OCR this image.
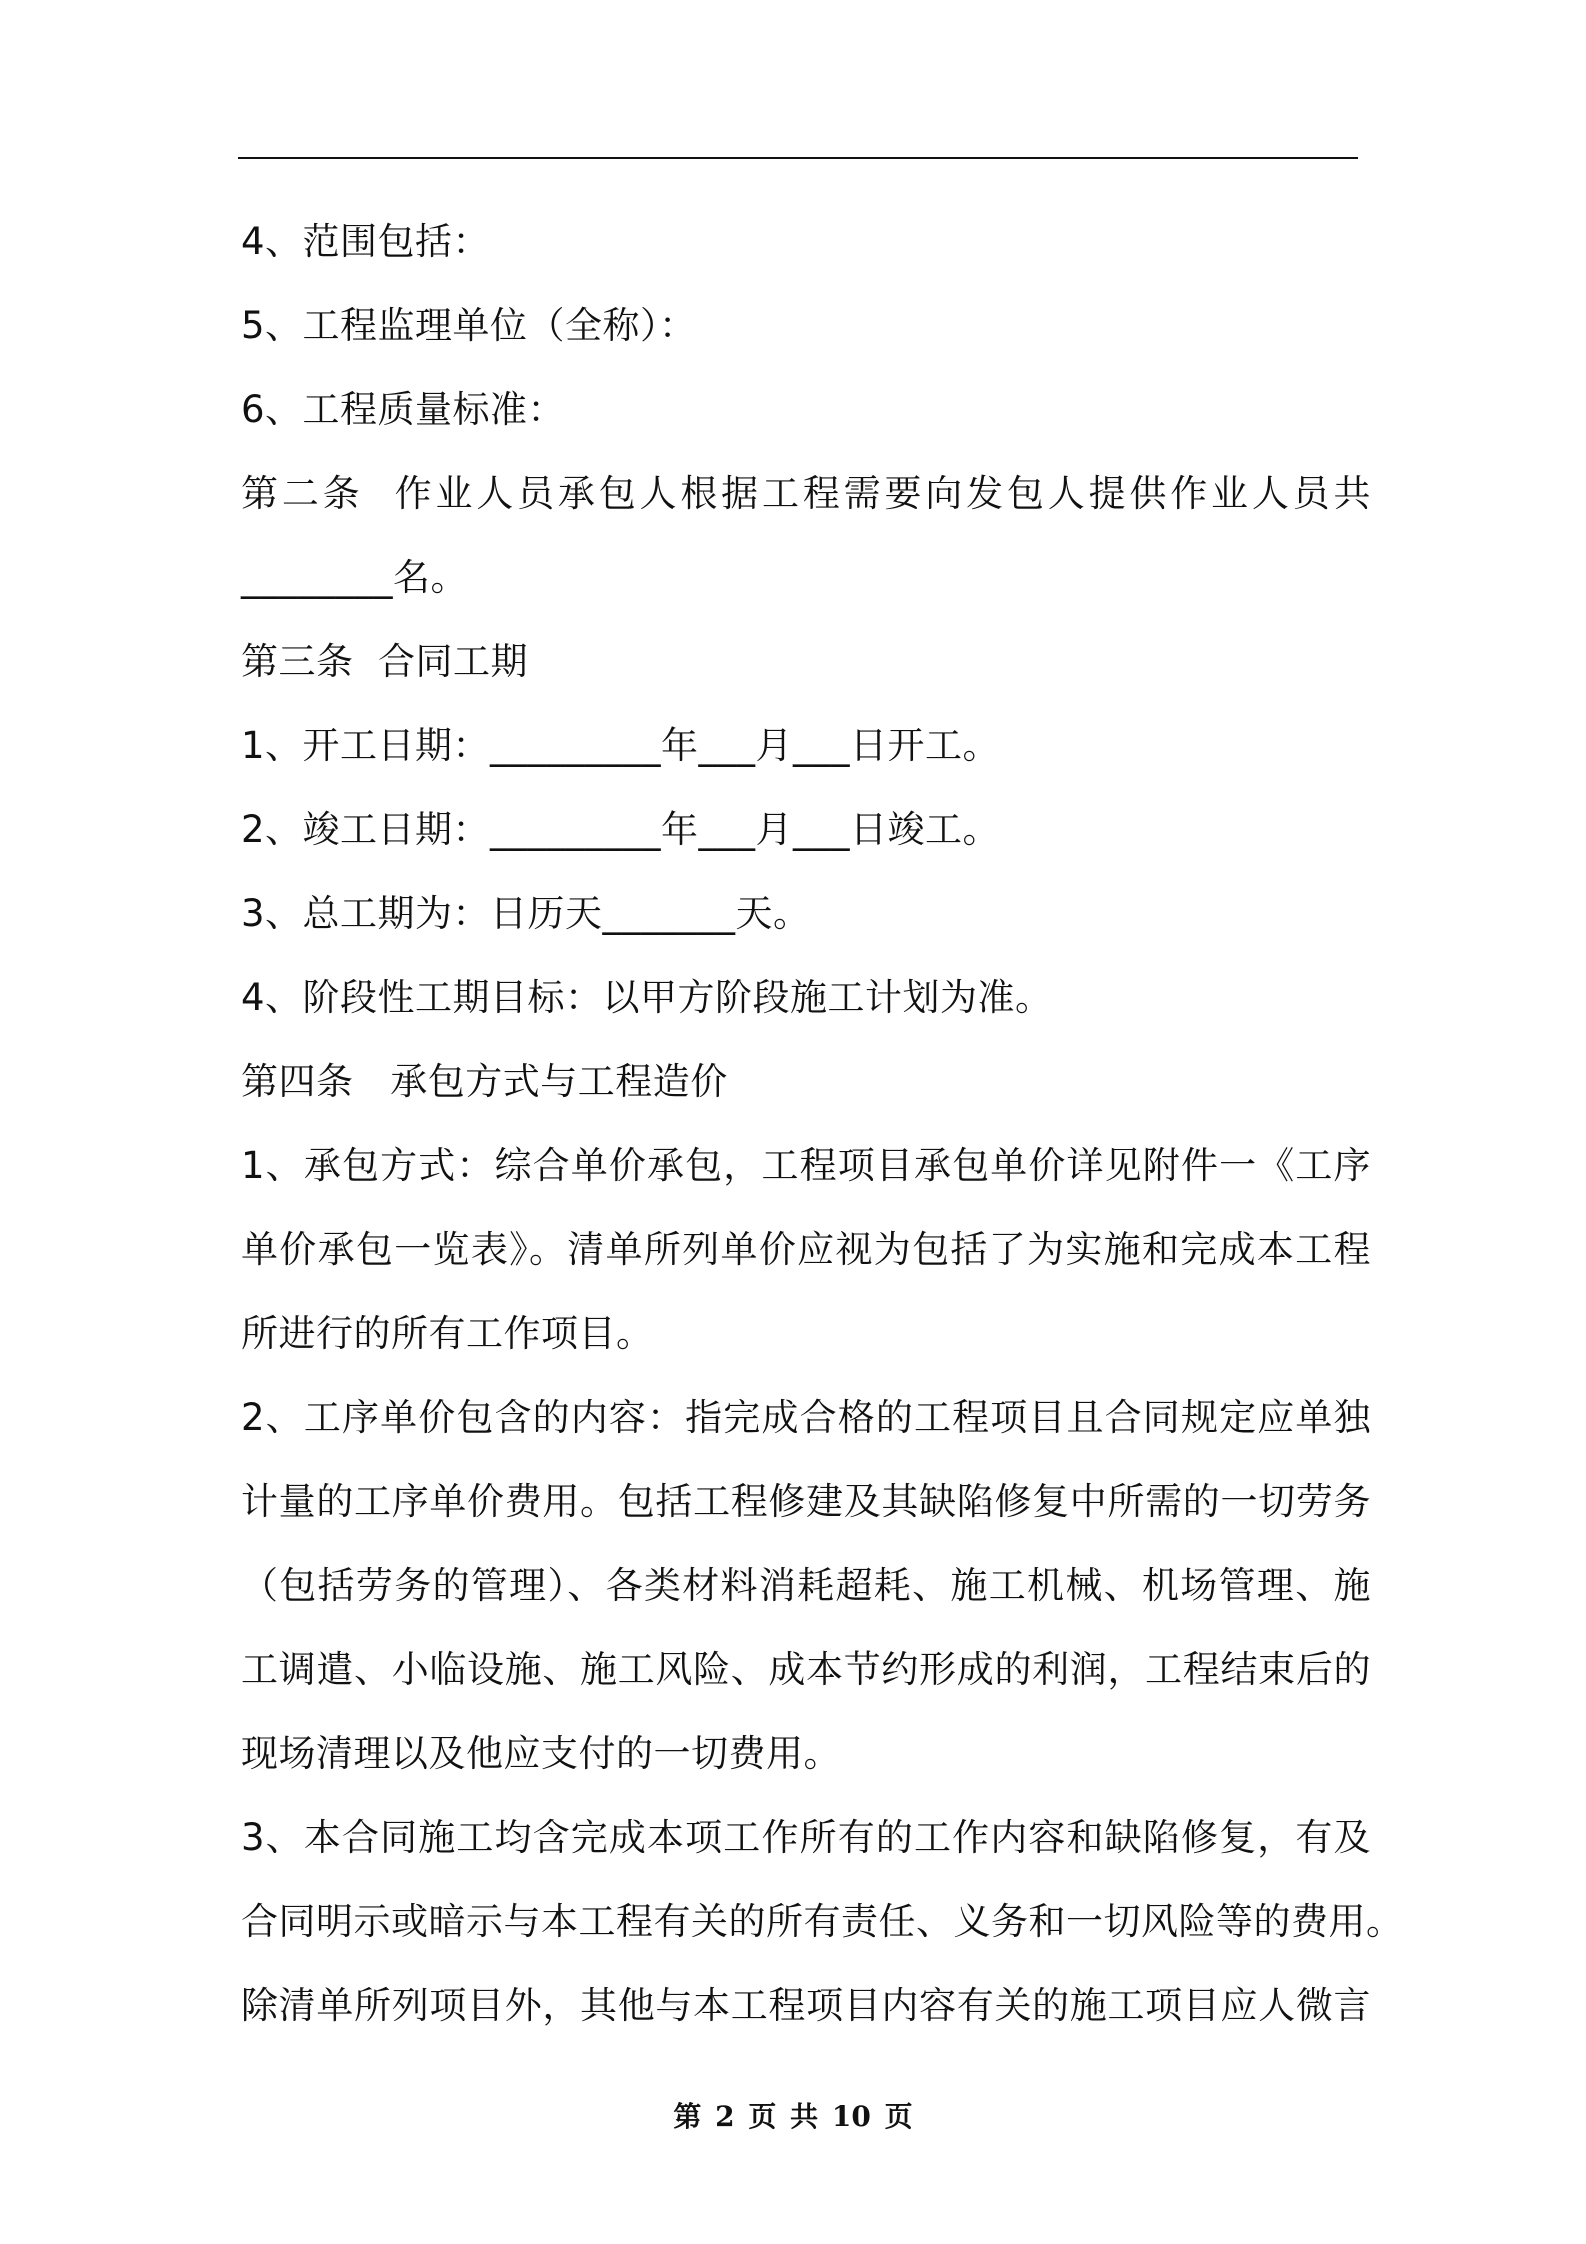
4、范围包括：
5、工程监理单位（全称）：
6、工程质量标准：
第二条  作业人员承包人根据工程需要向发包人提供作业人员共
________名。
第三条  合同工期
1、开工日期：_________年___月___日开工。
2、竣工日期：_________年___月___日竣工。
3、总工期为：日历天_______天。
4、阶段性工期目标：以甲方阶段施工计划为准。
第四条   承包方式与工程造价
1、承包方式：综合单价承包，工程项目承包单价详见附件一《工序
单价承包一览表》。清单所列单价应视为包括了为实施和完成本工程
所进行的所有工作项目。
2、工序单价包含的内容：指完成合格的工程项目且合同规定应单独
计量的工序单价费用。包括工程修建及其缺陷修复中所需的一切劳务
（包括劳务的管理）、各类材料消耗超耗、施工机械、机场管理、施
工调遣、小临设施、施工风险、成本节约形成的利润，工程结束后的
现场清理以及他应支付的一切费用。
3、本合同施工均含完成本项工作所有的工作内容和缺陷修复，有及
合同明示或暗示与本工程有关的所有责任、义务和一切风险等的费用。
除清单所列项目外，其他与本工程项目内容有关的施工项目应人微言
第 2 页 共 10 页
